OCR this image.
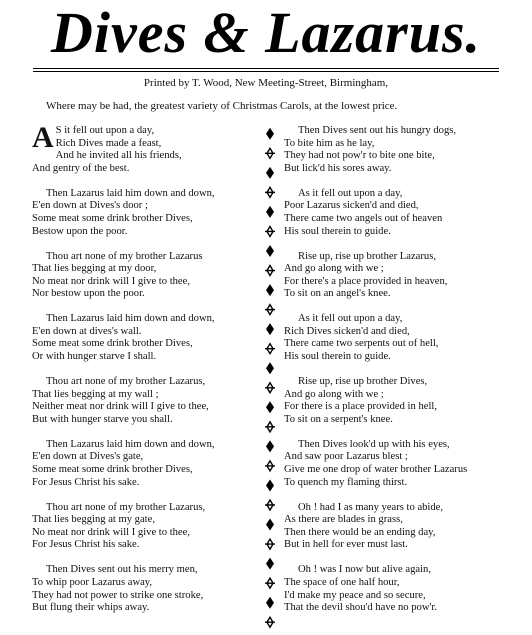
Dives & Lazarus.
Printed by T. Wood, New Meeting-Street, Birmingham,
Where may be had, the greatest variety of Christmas Carols, at the lowest price.
A S it fell out upon a day,
Rich Dives made a feast,
And he invited all his friends,
And gentry of the best.
Then Lazarus laid him down and down,
E'en down at Dives's door ;
Some meat some drink brother Dives,
Bestow upon the poor.
Thou art none of my brother Lazarus
That lies begging at my door,
No meat nor drink will I give to thee,
Nor bestow upon the poor.
Then Lazarus laid him down and down,
E'en down at dives's wall.
Some meat some drink brother Dives,
Or with hunger starve I shall.
Thou art none of my brother Lazarus,
That lies begging at my wall ;
Neither meat nor drink will I give to thee,
But with hunger starve you shall.
Then Lazarus laid him down and down,
E'en down at Dives's gate,
Some meat some drink brother Dives,
For Jesus Christ his sake.
Thou art none of my brother Lazarus,
That lies begging at my gate,
No meat nor drink will I give to thee,
For Jesus Christ his sake.
Then Dives sent out his merry men,
To whip poor Lazarus away,
They had not power to strike one stroke,
But flung their whips away.
Then Dives sent out his hungry dogs,
To bite him as he lay,
They had not pow'r to bite one bite,
But lick'd his sores away.
As it fell out upon a day,
Poor Lazarus sicken'd and died,
There came two angels out of heaven
His soul therein to guide.
Rise up, rise up brother Lazarus,
And go along with we ;
For there's a place provided in heaven,
To sit on an angel's knee.
As it fell out upon a day,
Rich Dives sicken'd and died,
There came two serpents out of hell,
His soul therein to guide.
Rise up, rise up brother Dives,
And go along with we ;
For there is a place provided in hell,
To sit on a serpent's knee.
Then Dives look'd up with his eyes,
And saw poor Lazarus blest ;
Give me one drop of water brother Lazarus
To quench my flaming thirst.
Oh ! had I as many years to abide,
As there are blades in grass,
Then there would be an ending day,
But in hell for ever must last.
Oh ! was I now but alive again,
The space of one half hour,
I'd make my peace and so secure,
That the devil shou'd have no pow'r.
